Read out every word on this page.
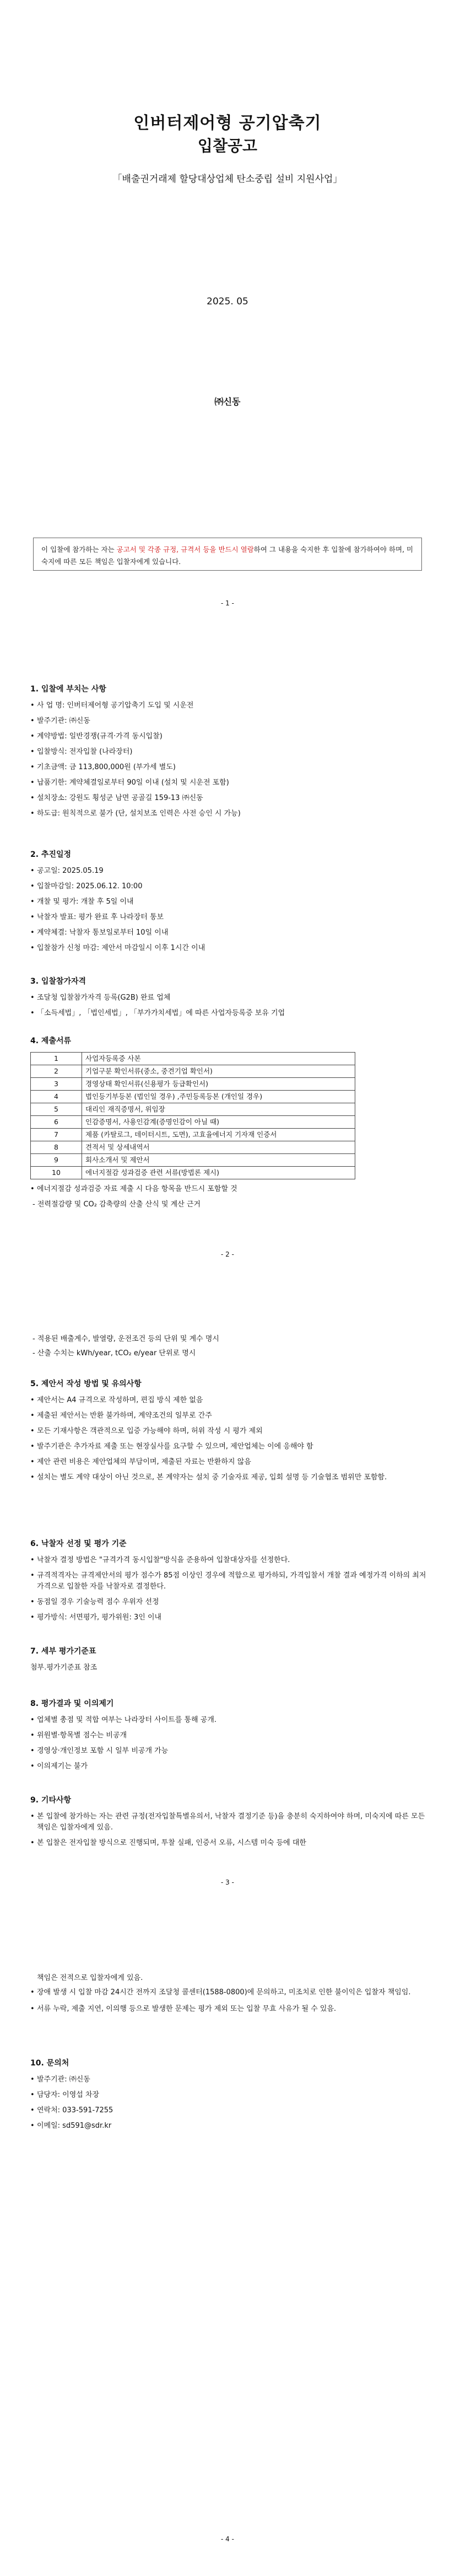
인버터제어형 공기압축기
입찰공고
「배출권거래제 할당대상업체 탄소중립 설비 지원사업」
2025. 05
㈜신동
이 입찰에 참가하는 자는 공고서 및 각종 규정, 규격서 등을 반드시 열람하여 그 내용을 숙지한 후 입찰에 참가하여야 하며, 미숙지에 따른 모든 책임은 입찰자에게 있습니다.
- 1 -
1. 입찰에 부치는 사항
• 사 업 명: 인버터제어형 공기압축기 도입 및 시운전
• 발주기관: ㈜신동
• 계약방법: 일반경쟁(규격·가격 동시입찰)
• 입찰방식: 전자입찰 (나라장터)
• 기초금액: 금 113,800,000원 (부가세 별도)
• 납품기한: 계약체결일로부터 90일 이내 (설치 및 시운전 포함)
• 설치장소: 강원도 횡성군 남면 공골길 159-13 ㈜신동
• 하도급: 원칙적으로 불가 (단, 설치보조 인력은 사전 승인 시 가능)
2. 추진일정
• 공고일: 2025.05.19
• 입찰마감일: 2025.06.12. 10:00
• 개찰 및 평가: 개찰 후 5일 이내
• 낙찰자 발표: 평가 완료 후 나라장터 통보
• 계약체결: 낙찰자 통보일로부터 10일 이내
• 입찰참가 신청 마감: 제안서 마감일시 이후 1시간 이내
3. 입찰참가자격
• 조달청 입찰참가자격 등록(G2B) 완료 업체
• 「소득세법」, 「법인세법」, 「부가가치세법」에 따른 사업자등록증 보유 기업
4. 제출서류
1	사업자등록증 사본
2	기업구분 확인서류(중소, 중견기업 확인서)
3	경영상태 확인서류(신용평가 등급확인서)
4	법인등기부등본 (법인일 경우) ,주민등록등본 (개인일 경우)
5	대리인 재직증명서, 위임장
6	인감증명서, 사용인감계(증명인감이 아닐 때)
7	제품 (카탈로그, 데이터시트, 도면), 고효율에너지 기자재 인증서
8	견적서 및 상세내역서
9	회사소개서 및 제안서
10	에너지절감 성과검증 관련 서류(방법론 제시)
• 에너지절감 성과검증 자료 제출 시 다음 항목을 반드시 포함할 것
- 전력절감량 및 CO₂ 감축량의 산출 산식 및 계산 근거
- 2 -
- 적용된 배출계수, 발열량, 운전조건 등의 단위 및 계수 명시
- 산출 수치는 kWh/year, tCO₂ e/year 단위로 명시
5. 제안서 작성 방법 및 유의사항
• 제안서는 A4 규격으로 작성하며, 편집 방식 제한 없음
• 제출된 제안서는 반환 불가하며, 계약조건의 일부로 간주
• 모든 기재사항은 객관적으로 입증 가능해야 하며, 허위 작성 시 평가 제외
• 발주기관은 추가자료 제출 또는 현장실사를 요구할 수 있으며, 제안업체는 이에 응해야 함
• 제안 관련 비용은 제안업체의 부담이며, 제출된 자료는 반환하지 않음
• 설치는 별도 계약 대상이 아닌 것으로, 본 계약자는 설치 중 기술자료 제공, 입회 설명 등 기술협조 범위만 포함함.
6. 낙찰자 선정 및 평가 기준
• 낙찰자 결정 방법은 "규격가격 동시입찰"방식을 준용하여 입찰대상자를 선정한다.
• 규격적격자는 규격제안서의 평가 점수가 85점 이상인 경우에 적합으로 평가하되, 가격입찰서 개찰 결과 예정가격 이하의 최저가격으로 입찰한 자를 낙찰자로 결정한다.
• 동점일 경우 기술능력 점수 우위자 선정
• 평가방식: 서면평가, 평가위원: 3인 이내
7. 세부 평가기준표
첨부.평가기준표 참조
8. 평가결과 및 이의제기
• 업체별 총점 및 적합 여부는 나라장터 사이트를 통해 공개.
• 위원별·항목별 점수는 비공개
• 경영상·개인정보 포함 시 일부 비공개 가능
• 이의제기는 불가
9. 기타사항
• 본 입찰에 참가하는 자는 관련 규정(전자입찰특별유의서, 낙찰자 결정기준 등)을 충분히 숙지하여야 하며, 미숙지에 따른 모든 책임은 입찰자에게 있음.
• 본 입찰은 전자입찰 방식으로 진행되며, 투찰 실패, 인증서 오류, 시스템 미숙 등에 대한
- 3 -
책임은 전적으로 입찰자에게 있음.
• 장애 발생 시 입찰 마감 24시간 전까지 조달청 콜센터(1588-0800)에 문의하고, 미조치로 인한 불이익은 입찰자 책임임.
• 서류 누락, 제출 지연, 이의행 등으로 발생한 문제는 평가 제외 또는 입찰 무효 사유가 될 수 있음.
10. 문의처
• 발주기관: ㈜신동
• 담당자: 이영섭 차장
• 연락처: 033-591-7255
• 이메일: sd591@sdr.kr
- 4 -
